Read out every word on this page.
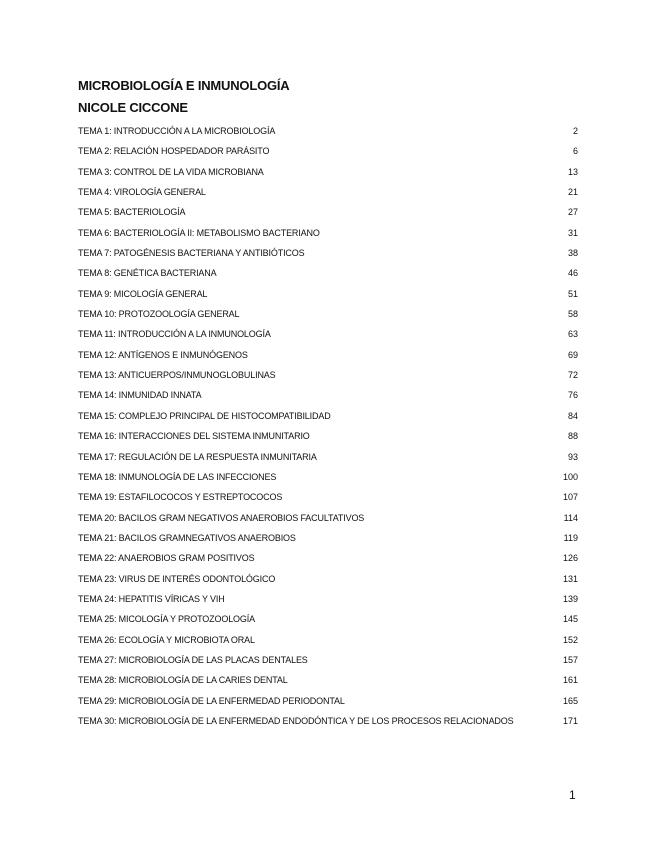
MICROBIOLOGÍA E INMUNOLOGÍA
NICOLE CICCONE
TEMA 1: INTRODUCCIÓN A LA MICROBIOLOGÍA	2
TEMA 2: RELACIÓN HOSPEDADOR PARÁSITO	6
TEMA 3: CONTROL DE LA VIDA MICROBIANA	13
TEMA 4: VIROLOGÍA GENERAL	21
TEMA 5: BACTERIOLOGÍA	27
TEMA 6: BACTERIOLOGÍA II: METABOLISMO BACTERIANO	31
TEMA 7: PATOGÉNESIS BACTERIANA Y ANTIBIÓTICOS	38
TEMA 8: GENÉTICA BACTERIANA	46
TEMA 9: MICOLOGÍA GENERAL	51
TEMA 10: PROTOZOOLOGÍA GENERAL	58
TEMA 11: INTRODUCCIÓN A LA INMUNOLOGÍA	63
TEMA 12: ANTÍGENOS E INMUNÓGENOS	69
TEMA 13: ANTICUERPOS/INMUNOGLOBULINAS	72
TEMA 14: INMUNIDAD INNATA	76
TEMA 15: COMPLEJO PRINCIPAL DE HISTOCOMPATIBILIDAD	84
TEMA 16: INTERACCIONES DEL SISTEMA INMUNITARIO	88
TEMA 17: REGULACIÓN DE LA RESPUESTA INMUNITARIA	93
TEMA 18: INMUNOLOGÍA DE LAS INFECCIONES	100
TEMA 19: ESTAFILOCOCOS Y ESTREPTOCOCOS	107
TEMA 20: BACILOS GRAM NEGATIVOS ANAEROBIOS FACULTATIVOS	114
TEMA 21: BACILOS GRAMNEGATIVOS ANAEROBIOS	119
TEMA 22: ANAEROBIOS GRAM POSITIVOS	126
TEMA 23: VIRUS DE INTERÉS ODONTOLÓGICO	131
TEMA 24: HEPATITIS VÍRICAS Y VIH	139
TEMA 25: MICOLOGÍA Y PROTOZOOLOGÍA	145
TEMA 26: ECOLOGÍA Y MICROBIOTA ORAL	152
TEMA 27: MICROBIOLOGÍA DE LAS PLACAS DENTALES	157
TEMA 28: MICROBIOLOGÍA DE LA CARIES DENTAL	161
TEMA 29: MICROBIOLOGÍA DE LA ENFERMEDAD PERIODONTAL	165
TEMA 30: MICROBIOLOGÍA DE LA ENFERMEDAD ENDODÓNTICA Y DE LOS PROCESOS RELACIONADOS	171
1
